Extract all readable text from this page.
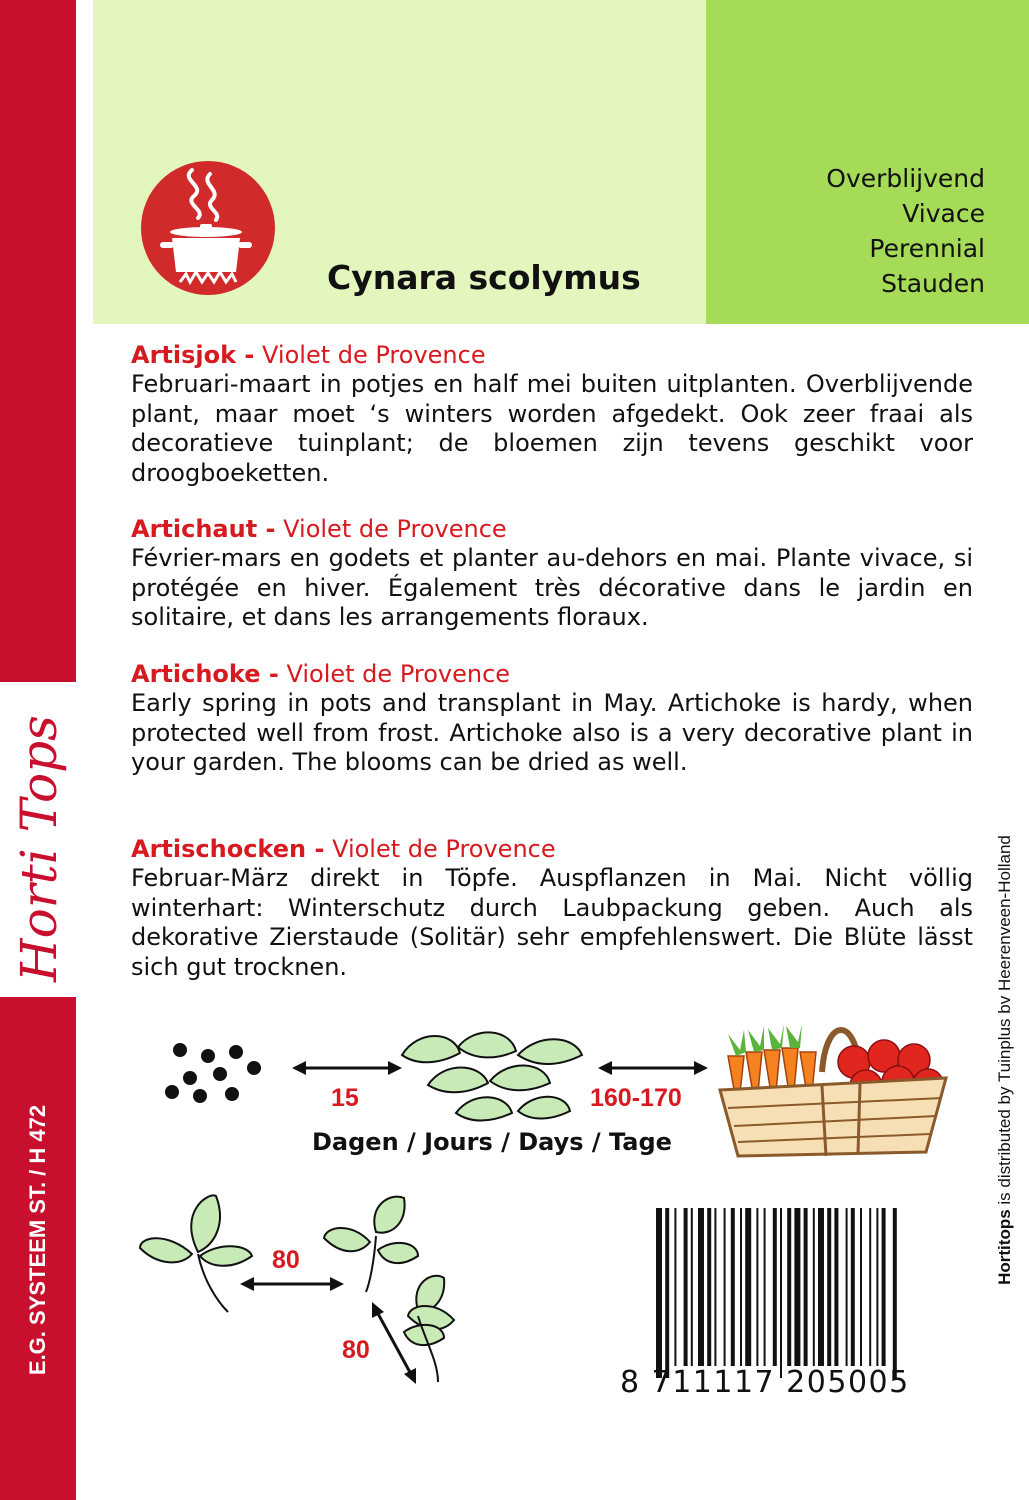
Horti Tops
E.G. SYSTEEM ST. / H 472
Cynara scolymus
Overblijvend
Vivace
Perennial
Stauden
Artisjok - Violet de Provence
Februari-maart in potjes en half mei buiten uitplanten. Overblijvende plant, maar moet ‘s winters worden afgedekt. Ook zeer fraai als decoratieve tuinplant; de bloemen zijn tevens geschikt voor droogboeketten.
Artichaut - Violet de Provence
Février-mars en godets et planter au-dehors en mai. Plante vivace, si protégée en hiver. Également très décorative dans le jardin en solitaire, et dans les arrangements floraux.
Artichoke - Violet de Provence
Early spring in pots and transplant in May. Artichoke is hardy, when protected well from frost. Artichoke also is a very decorative plant in your garden. The blooms can be dried as well.
Artischocken - Violet de Provence
Februar-März direkt in Töpfe. Auspflanzen in Mai. Nicht völlig winterhart: Winterschutz durch Laubpackung geben. Auch als dekorative Zierstaude (Solitär) sehr empfehlenswert. Die Blüte lässt sich gut trocknen.
Hortitops is distributed by Tuinplus bv Heerenveen-Holland
15	160-170
Dagen / Jours / Days / Tage
80
80
8 711117 205005
